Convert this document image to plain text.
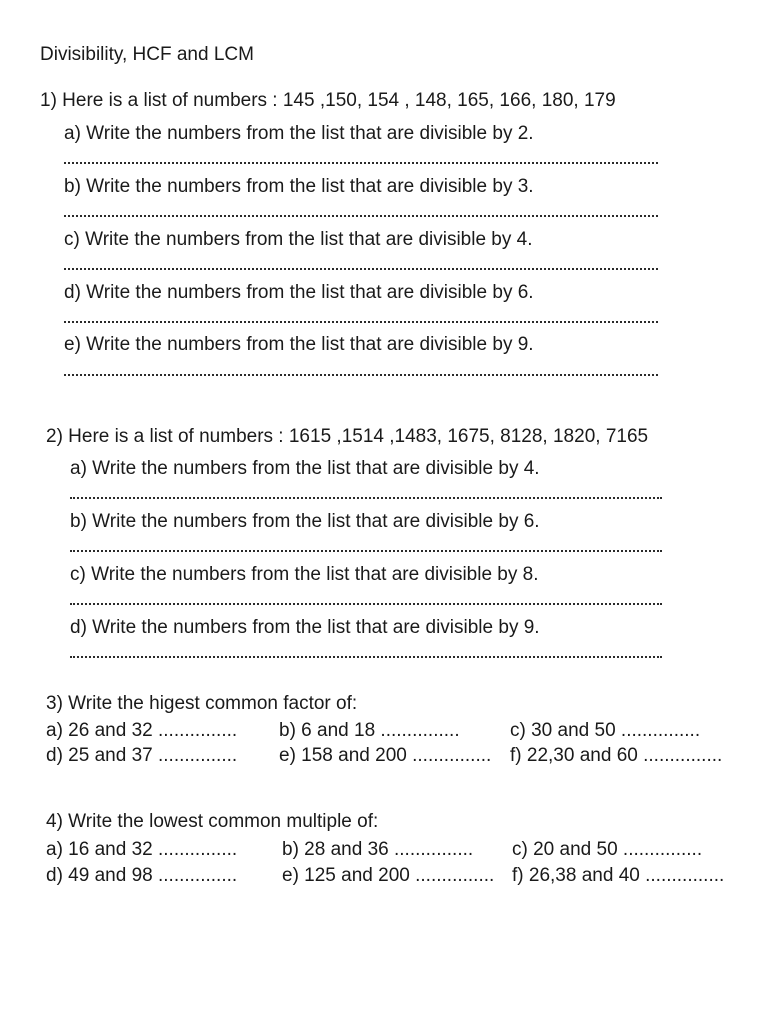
Divisibility, HCF and LCM
1) Here is a list of numbers : 145 ,150, 154 , 148, 165, 166, 180, 179
a) Write the numbers from the list that are divisible by 2.
b) Write the numbers from the list that are divisible by 3.
c) Write the numbers from the list that are divisible by 4.
d) Write the numbers from the list that are divisible by 6.
e) Write the numbers from the list that are divisible by 9.
2) Here is a list of numbers : 1615 ,1514 ,1483, 1675, 8128, 1820, 7165
a) Write the numbers from the list that are divisible by 4.
b) Write the numbers from the list that are divisible by 6.
c) Write the numbers from the list that are divisible by 8.
d) Write the numbers from the list that are divisible by 9.
3) Write the higest common factor of:
a) 26 and 32 ............... b) 6 and 18 ...............	c) 30 and 50 ...............
d) 25 and 37 ............... e) 158 and 200 ............... f) 22,30 and 60 ...............
4) Write the lowest common multiple of:
a) 16 and 32 ............... b) 28 and 36 ............... c) 20 and 50 ...............
d) 49 and 98 ............... e) 125 and 200 ............... f) 26,38 and 40 ...............
